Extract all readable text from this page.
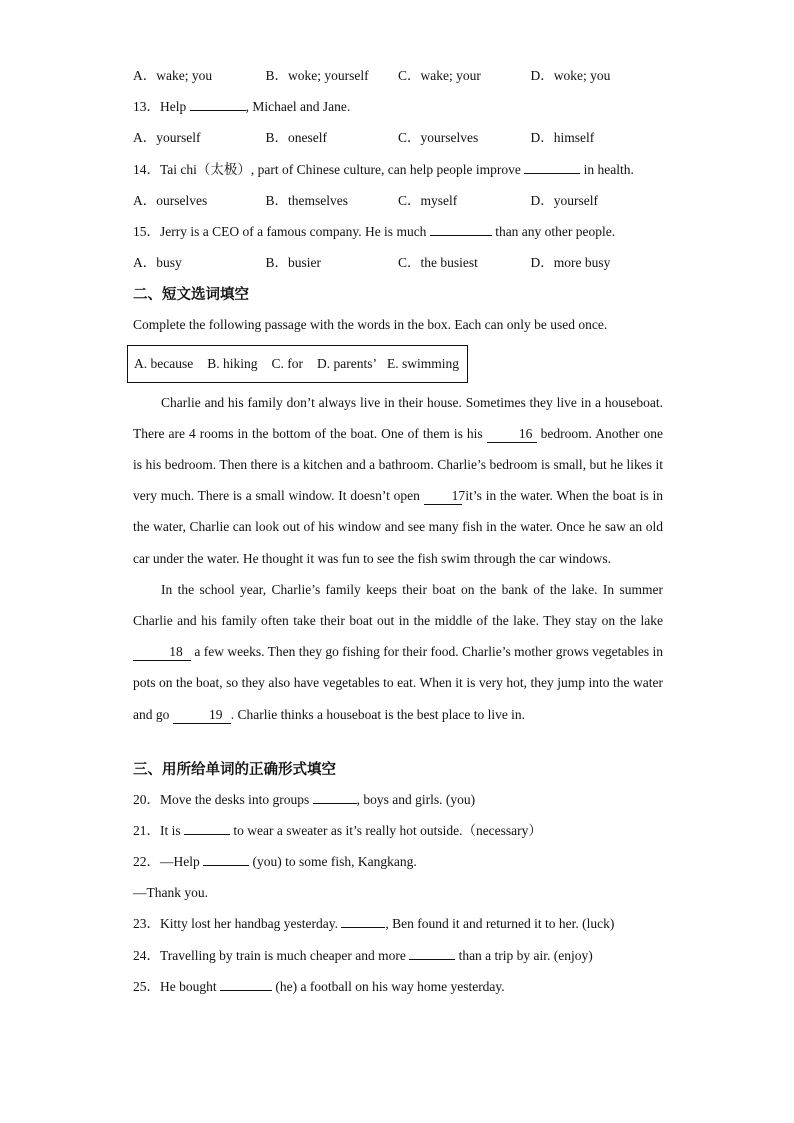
A．wake; you	B．woke; yourself	C．wake; your	D．woke; you
13．Help	, Michael and Jane.
A．yourself	B．oneself	C．yourselves	D．himself
14．Tai chi（太极）, part of Chinese culture, can help people improve	in health.
A．ourselves	B．themselves	C．myself	D．yourself
15．Jerry is a CEO of a famous company. He is much	than any other people.
A．busy	B．busier	C．the busiest	D．more busy
二、短文选词填空
Complete the following passage with the words in the box. Each can only be used once.
A. because B. hiking C. for D. parents’ E. swimming

Charlie and his family don’t always live in their house. Sometimes they live in a houseboat. There are 4 rooms in the bottom of the boat. One of them is his 16 bedroom. Another one is his bedroom. Then there is a kitchen and a bathroom. Charlie’s bedroom is small, but he likes it very much. There is a small window. It doesn’t open 17 it’s in the water. When the boat is in the water, Charlie can look out of his window and see many fish in the water. Once he saw an old car under the water. He thought it was fun to see the fish swim through the car windows.

In the school year, Charlie’s family keeps their boat on the bank of the lake. In summer Charlie and his family often take their boat out in the middle of the lake. They stay on the lake 18 a few weeks. Then they go fishing for their food. Charlie’s mother grows vegetables in pots on the boat, so they also have vegetables to eat. When it is very hot, they jump into the water and go	19 . Charlie thinks a houseboat is the best place to live in.

三、用所给单词的正确形式填空
20．Move the desks into groups	, boys and girls. (you)
21．It is	to wear a sweater as it’s really hot outside.（necessary）
22．—Help	(you) to some fish, Kangkang.
—Thank you.
23．Kitty lost her handbag yesterday.	, Ben found it and returned it to her. (luck)
24．Travelling by train is much cheaper and more	than a trip by air. (enjoy)
25．He bought	(he) a football on his way home yesterday.
